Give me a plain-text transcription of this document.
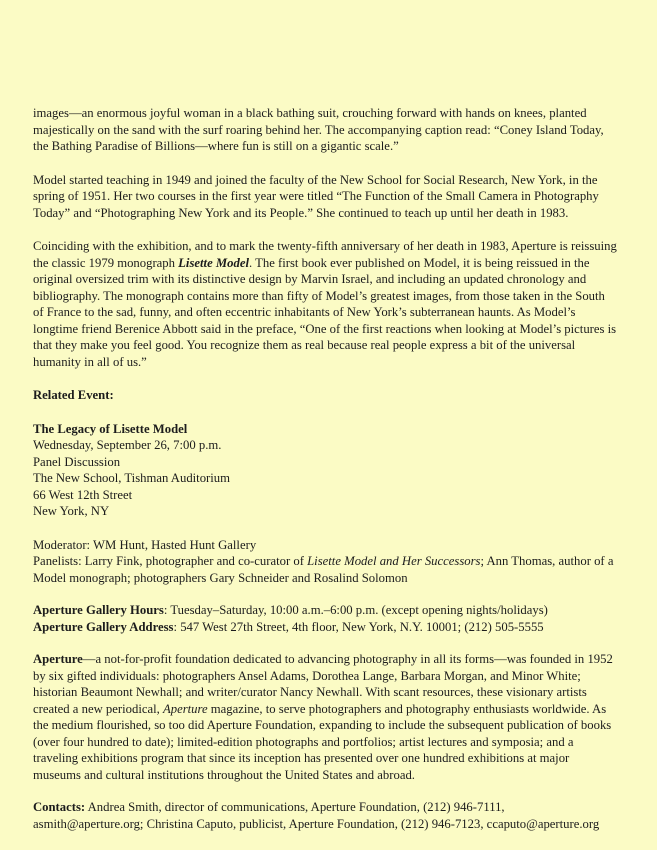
images—an enormous joyful woman in a black bathing suit, crouching forward with hands on knees, planted majestically on the sand with the surf roaring behind her. The accompanying caption read: “Coney Island Today, the Bathing Paradise of Billions—where fun is still on a gigantic scale.”

Model started teaching in 1949 and joined the faculty of the New School for Social Research, New York, in the spring of 1951. Her two courses in the first year were titled “The Function of the Small Camera in Photography Today” and “Photographing New York and its People.” She continued to teach up until her death in 1983.

Coinciding with the exhibition, and to mark the twenty-fifth anniversary of her death in 1983, Aperture is reissuing the classic 1979 monograph Lisette Model. The first book ever published on Model, it is being reissued in the original oversized trim with its distinctive design by Marvin Israel, and including an updated chronology and bibliography. The monograph contains more than fifty of Model’s greatest images, from those taken in the South of France to the sad, funny, and often eccentric inhabitants of New York’s subterranean haunts. As Model’s longtime friend Berenice Abbott said in the preface, “One of the first reactions when looking at Model’s pictures is that they make you feel good. You recognize them as real because real people express a bit of the universal humanity in all of us.”

Related Event:

The Legacy of Lisette Model

Wednesday, September 26, 7:00 p.m.

Panel Discussion

The New School, Tishman Auditorium

66 West 12th Street

New York, NY

Moderator: WM Hunt, Hasted Hunt Gallery

Panelists: Larry Fink, photographer and co-curator of Lisette Model and Her Successors; Ann Thomas, author of a Model monograph; photographers Gary Schneider and Rosalind Solomon

Aperture Gallery Hours: Tuesday–Saturday, 10:00 a.m.–6:00 p.m. (except opening nights/holidays)

Aperture Gallery Address: 547 West 27th Street, 4th floor, New York, N.Y. 10001; (212) 505-5555

Aperture—a not-for-profit foundation dedicated to advancing photography in all its forms—was founded in 1952 by six gifted individuals: photographers Ansel Adams, Dorothea Lange, Barbara Morgan, and Minor White; historian Beaumont Newhall; and writer/curator Nancy Newhall. With scant resources, these visionary artists created a new periodical, Aperture magazine, to serve photographers and photography enthusiasts worldwide. As the medium flourished, so too did Aperture Foundation, expanding to include the subsequent publication of books (over four hundred to date); limited-edition photographs and portfolios; artist lectures and symposia; and a traveling exhibitions program that since its inception has presented over one hundred exhibitions at major museums and cultural institutions throughout the United States and abroad.

Contacts: Andrea Smith, director of communications, Aperture Foundation, (212) 946-7111, asmith@aperture.org; Christina Caputo, publicist, Aperture Foundation, (212) 946-7123, ccaputo@aperture.org
